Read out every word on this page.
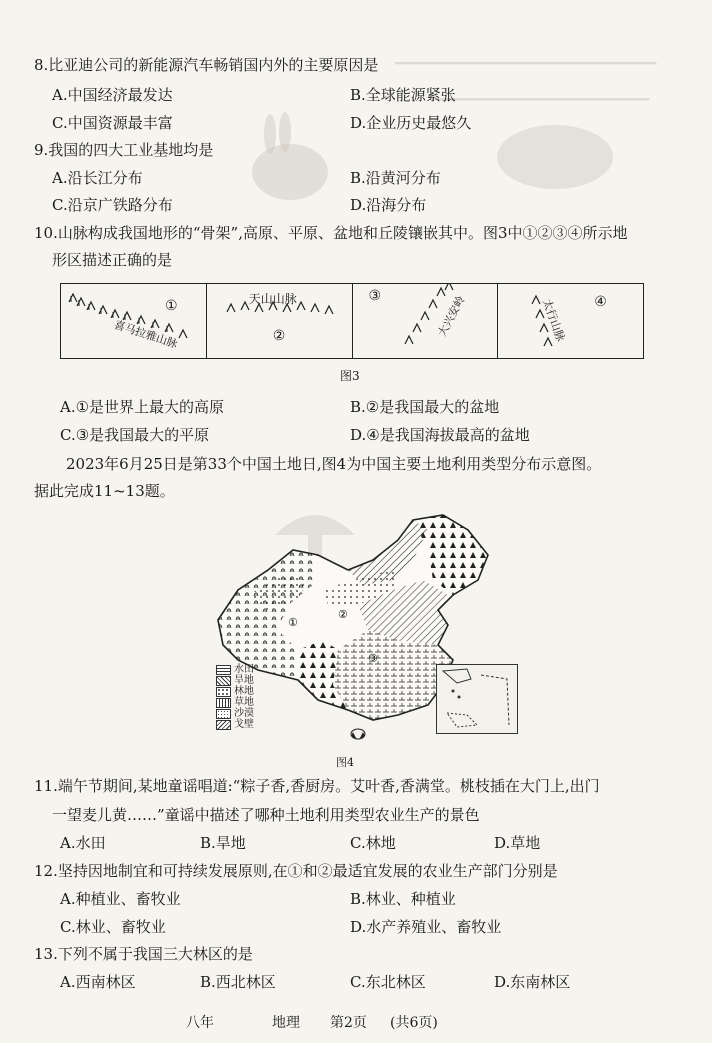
━━━━━━━━━━━━━━━━━━━━━━━━━━━━━━━
━━━━━━━━━━━━━━━━━━━━━━━━━━
8.比亚迪公司的新能源汽车畅销国内外的主要原因是
A.中国经济最发达	B.全球能源紧张
C.中国资源最丰富	D.企业历史最悠久
9.我国的四大工业基地均是
A.沿长江分布	B.沿黄河分布
C.沿京广铁路分布	D.沿海分布
10.山脉构成我国地形的“骨架”,高原、平原、盆地和丘陵镶嵌其中。图3中①②③④所示地
形区描述正确的是
喜马拉雅山脉
①	天山山脉
②
③	大兴安岭	太行山脉 ④
图3
A.①是世界上最大的高原	B.②是我国最大的盆地
C.③是我国最大的平原	D.④是我国海拔最高的盆地
2023年6月25日是第33个中国土地日,图4为中国主要土地利用类型分布示意图。
据此完成11~13题。
①
②
③
水田
旱地
林地
草地
沙漠
戈壁
图4
11.端午节期间,某地童谣唱道:“粽子香,香厨房。艾叶香,香满堂。桃枝插在大门上,出门
一望麦儿黄……”童谣中描述了哪种土地利用类型农业生产的景色
A.水田	B.旱地	C.林地	D.草地
12.坚持因地制宜和可持续发展原则,在①和②最适宜发展的农业生产部门分别是
A.种植业、畜牧业	B.林业、种植业
C.林业、畜牧业	D.水产养殖业、畜牧业
13.下列不属于我国三大林区的是
A.西南林区	B.西北林区	C.东北林区	D.东南林区
八年	地理 第2页 (共6页)
